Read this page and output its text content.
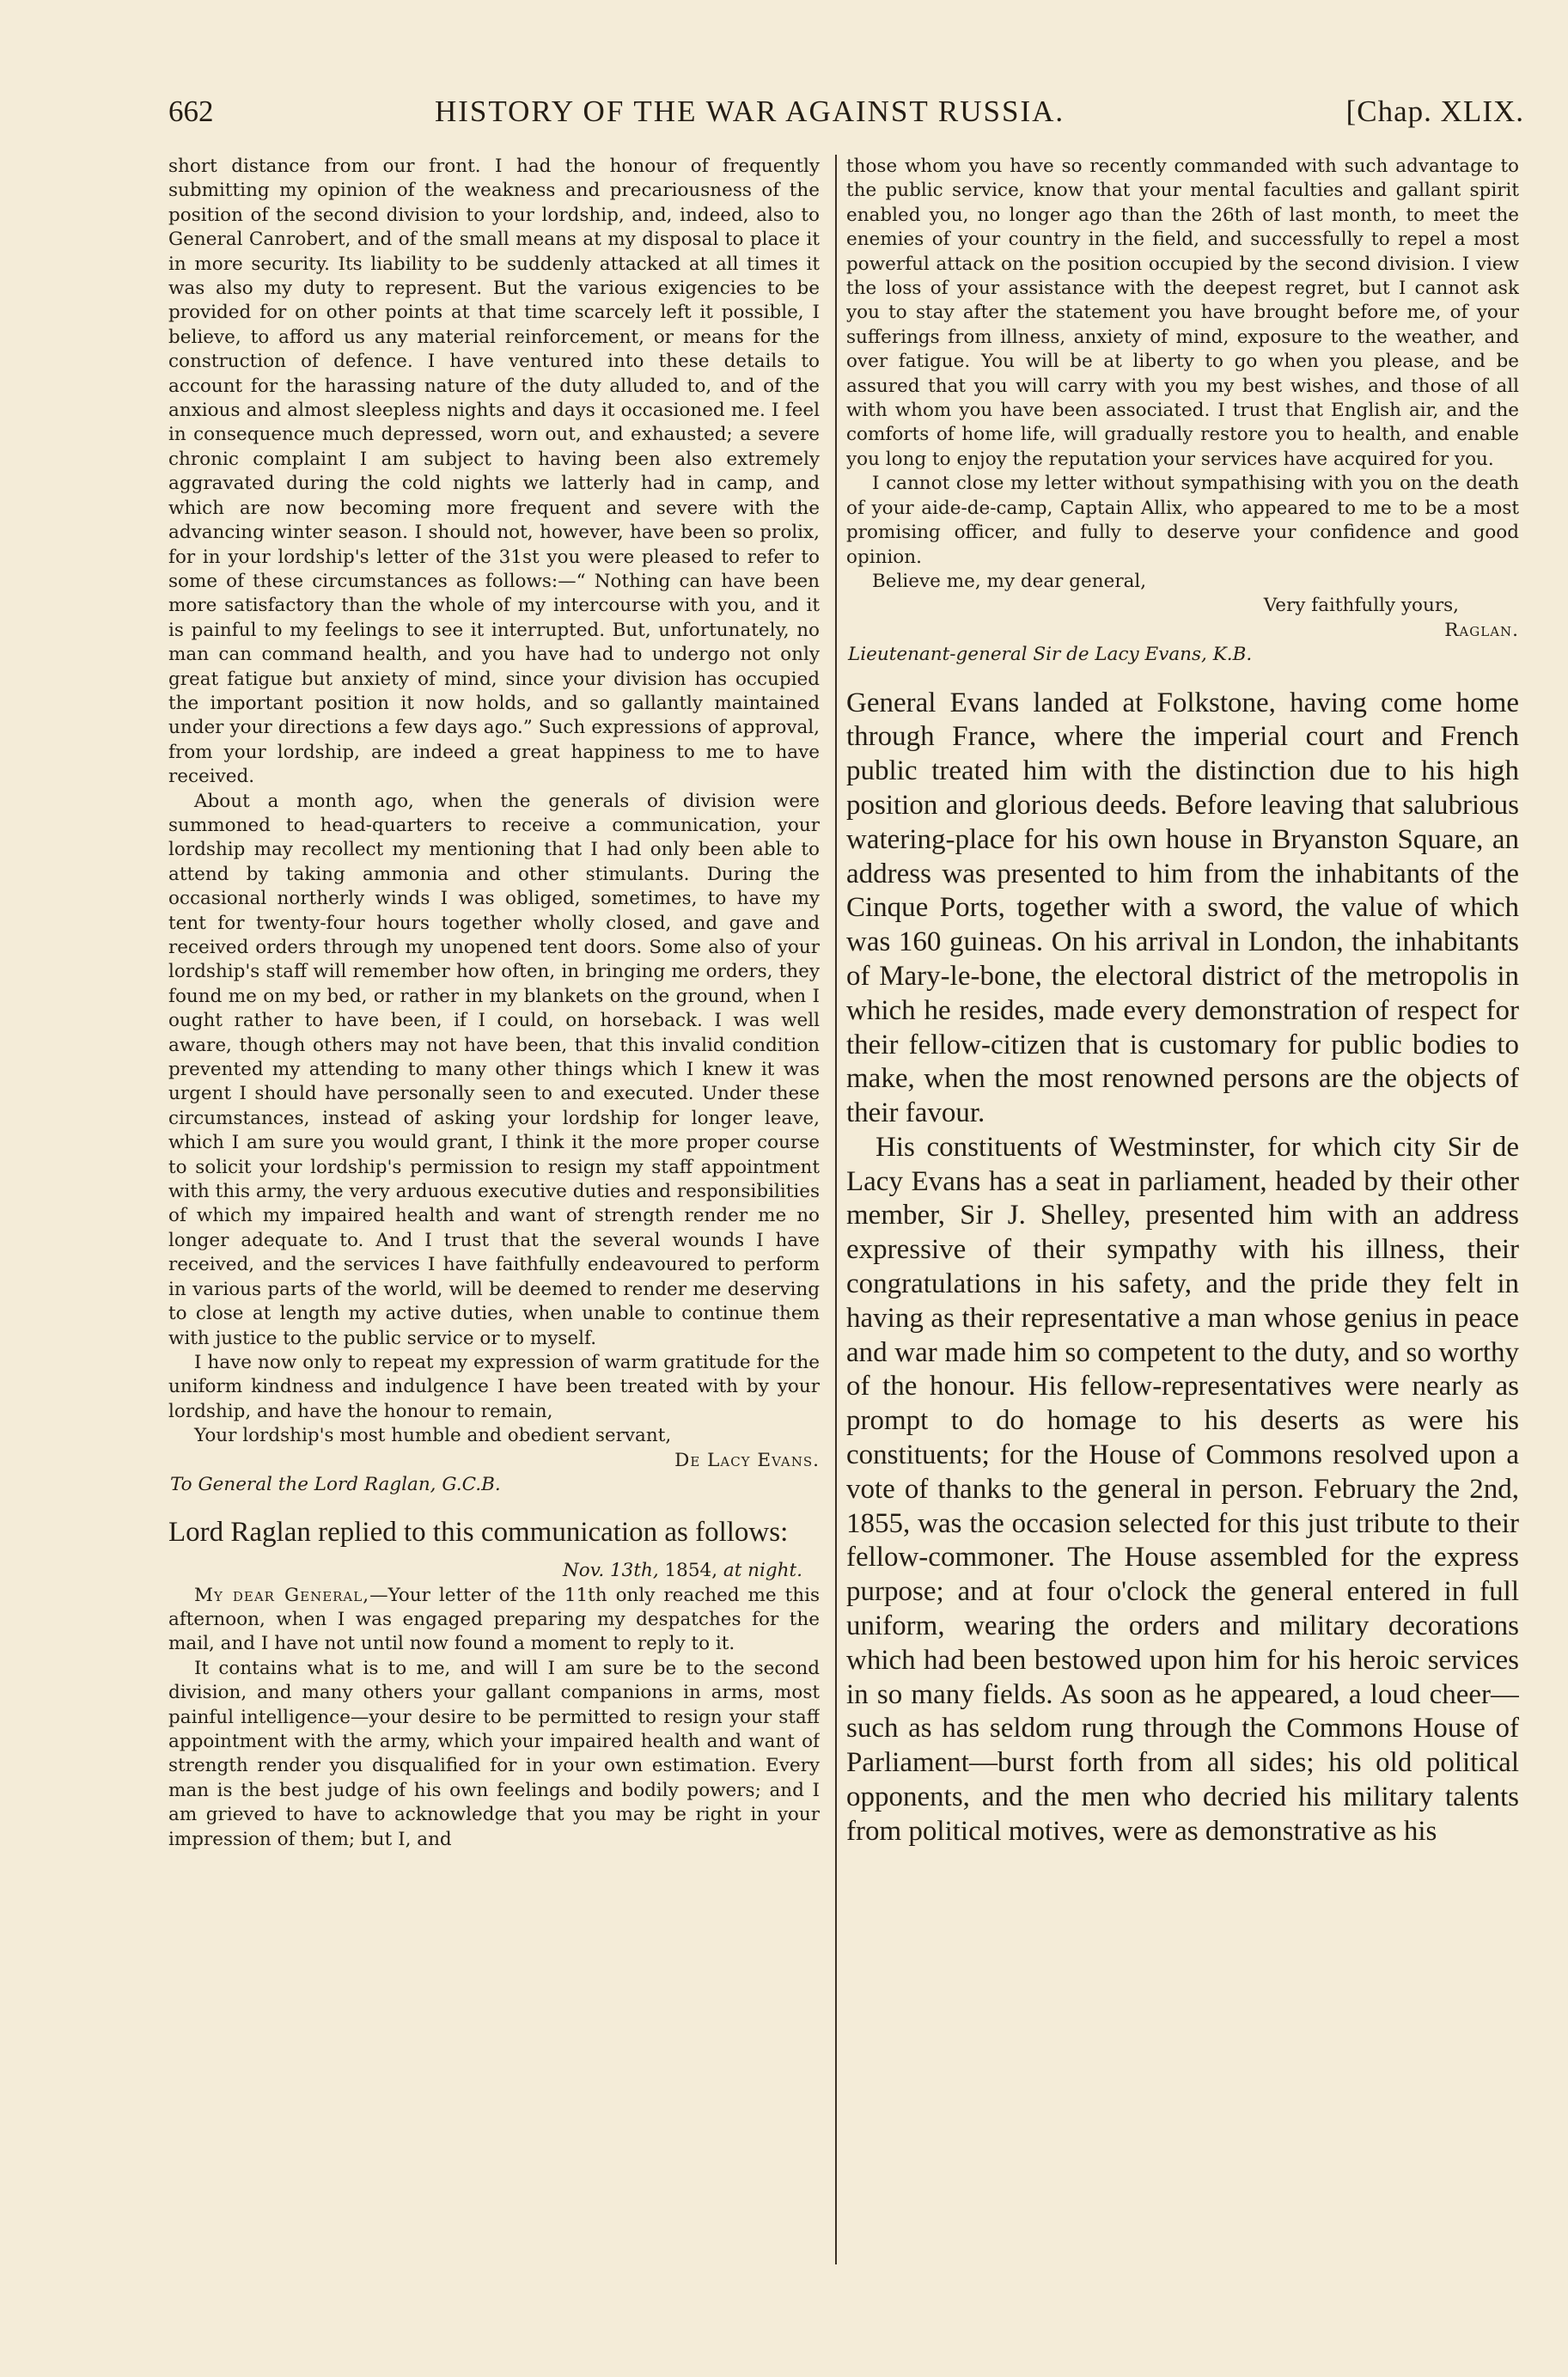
662	HISTORY OF THE WAR AGAINST RUSSIA.	[Chap. XLIX.

short distance from our front. I had the honour of frequently submitting my opinion of the weakness and precariousness of the position of the second division to your lordship, and, indeed, also to General Canrobert, and of the small means at my disposal to place it in more security. Its liability to be suddenly attacked at all times it was also my duty to represent. But the various exigencies to be provided for on other points at that time scarcely left it possible, I believe, to afford us any material reinforcement, or means for the construction of defence. I have ventured into these details to account for the harassing nature of the duty alluded to, and of the anxious and almost sleepless nights and days it occasioned me. I feel in consequence much depressed, worn out, and exhausted; a severe chronic complaint I am subject to having been also extremely aggravated during the cold nights we latterly had in camp, and which are now becoming more frequent and severe with the advancing winter season. I should not, however, have been so prolix, for in your lordship's letter of the 31st you were pleased to refer to some of these circumstances as follows:—“ Nothing can have been more satisfactory than the whole of my intercourse with you, and it is painful to my feelings to see it interrupted. But, unfortunately, no man can command health, and you have had to undergo not only great fatigue but anxiety of mind, since your division has occupied the important position it now holds, and so gallantly maintained under your directions a few days ago.” Such expressions of approval, from your lordship, are indeed a great happiness to me to have received.

About a month ago, when the generals of division were summoned to head-quarters to receive a communication, your lordship may recollect my mentioning that I had only been able to attend by taking ammonia and other stimulants. During the occasional northerly winds I was obliged, sometimes, to have my tent for twenty-four hours together wholly closed, and gave and received orders through my unopened tent doors. Some also of your lordship's staff will remember how often, in bringing me orders, they found me on my bed, or rather in my blankets on the ground, when I ought rather to have been, if I could, on horseback. I was well aware, though others may not have been, that this invalid condition prevented my attending to many other things which I knew it was urgent I should have personally seen to and executed. Under these circumstances, instead of asking your lordship for longer leave, which I am sure you would grant, I think it the more proper course to solicit your lordship's permission to resign my staff appointment with this army, the very arduous executive duties and responsibilities of which my impaired health and want of strength render me no longer adequate to. And I trust that the several wounds I have received, and the services I have faithfully endeavoured to perform in various parts of the world, will be deemed to render me deserving to close at length my active duties, when unable to continue them with justice to the public service or to myself.

I have now only to repeat my expression of warm gratitude for the uniform kindness and indulgence I have been treated with by your lordship, and have the honour to remain,

Your lordship's most humble and obedient servant,

De Lacy Evans.

To General the Lord Raglan, G.C.B.

Lord Raglan replied to this communication as follows:

Nov. 13th, 1854, at night.

My dear General,—Your letter of the 11th only reached me this afternoon, when I was engaged preparing my despatches for the mail, and I have not until now found a moment to reply to it.

It contains what is to me, and will I am sure be to the second division, and many others your gallant companions in arms, most painful intelligence—your desire to be permitted to resign your staff appointment with the army, which your impaired health and want of strength render you disqualified for in your own estimation. Every man is the best judge of his own feelings and bodily powers; and I am grieved to have to acknowledge that you may be right in your impression of them; but I, and

those whom you have so recently commanded with such advantage to the public service, know that your mental faculties and gallant spirit enabled you, no longer ago than the 26th of last month, to meet the enemies of your country in the field, and successfully to repel a most powerful attack on the position occupied by the second division. I view the loss of your assistance with the deepest regret, but I cannot ask you to stay after the statement you have brought before me, of your sufferings from illness, anxiety of mind, exposure to the weather, and over fatigue. You will be at liberty to go when you please, and be assured that you will carry with you my best wishes, and those of all with whom you have been associated. I trust that English air, and the comforts of home life, will gradually restore you to health, and enable you long to enjoy the reputation your services have acquired for you.

I cannot close my letter without sympathising with you on the death of your aide-de-camp, Captain Allix, who appeared to me to be a most promising officer, and fully to deserve your confidence and good opinion.

Believe me, my dear general,

Very faithfully yours,

Raglan.

Lieutenant-general Sir de Lacy Evans, K.B.

General Evans landed at Folkstone, having come home through France, where the imperial court and French public treated him with the distinction due to his high position and glorious deeds. Before leaving that salubrious watering-place for his own house in Bryanston Square, an address was presented to him from the inhabitants of the Cinque Ports, together with a sword, the value of which was 160 guineas. On his arrival in London, the inhabitants of Mary-le-bone, the electoral district of the metropolis in which he resides, made every demonstration of respect for their fellow-citizen that is customary for public bodies to make, when the most renowned persons are the objects of their favour.

His constituents of Westminster, for which city Sir de Lacy Evans has a seat in parliament, headed by their other member, Sir J. Shelley, presented him with an address expressive of their sympathy with his illness, their congratulations in his safety, and the pride they felt in having as their representative a man whose genius in peace and war made him so competent to the duty, and so worthy of the honour. His fellow-representatives were nearly as prompt to do homage to his deserts as were his constituents; for the House of Commons resolved upon a vote of thanks to the general in person. February the 2nd, 1855, was the occasion selected for this just tribute to their fellow-commoner. The House assembled for the express purpose; and at four o'clock the general entered in full uniform, wearing the orders and military decorations which had been bestowed upon him for his heroic services in so many fields. As soon as he appeared, a loud cheer—such as has seldom rung through the Commons House of Parliament—burst forth from all sides; his old political opponents, and the men who decried his military talents from political motives, were as demonstrative as his
